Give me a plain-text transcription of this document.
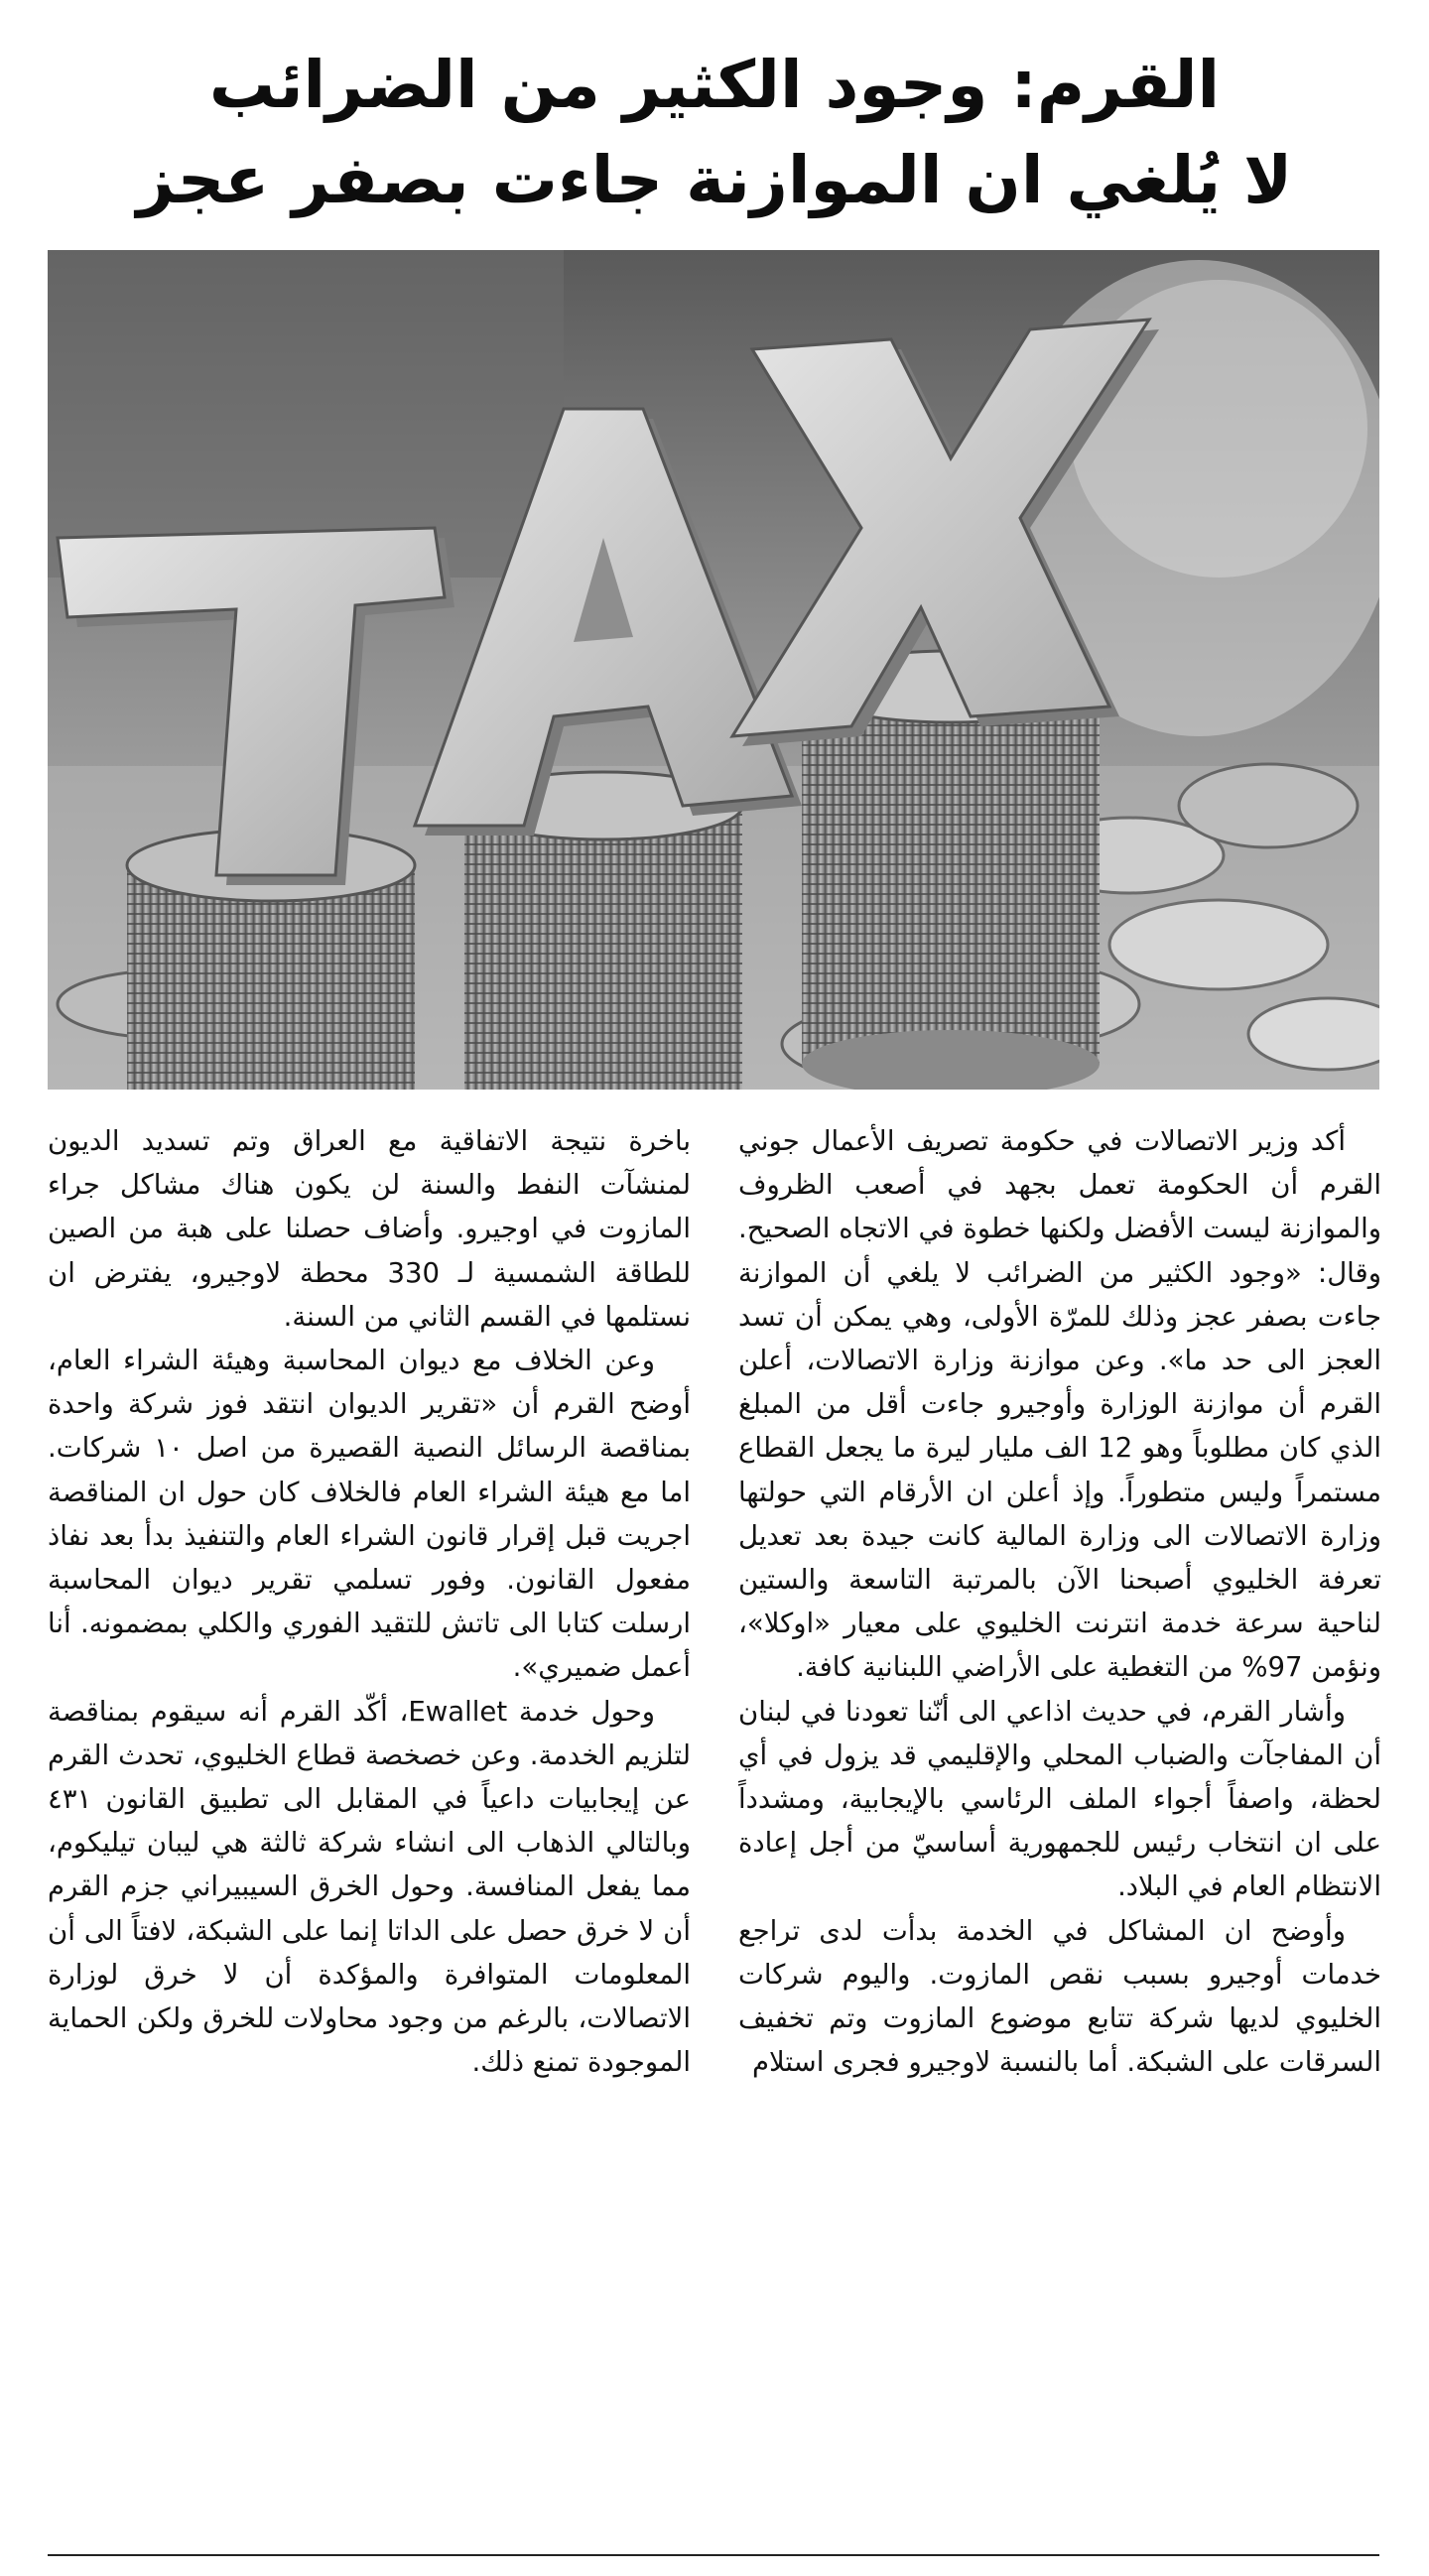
القرم: وجود الكثير من الضرائب
لا يُلغي ان الموازنة جاءت بصفر عجز

أكد وزير الاتصالات في حكومة تصريف الأعمال جوني القرم أن الحكومة تعمل بجهد في أصعب الظروف والموازنة ليست الأفضل ولكنها خطوة في الاتجاه الصحيح. وقال: «وجود الكثير من الضرائب لا يلغي أن الموازنة جاءت بصفر عجز وذلك للمرّة الأولى، وهي يمكن أن تسد العجز الى حد ما». وعن موازنة وزارة الاتصالات، أعلن القرم أن موازنة الوزارة وأوجيرو جاءت أقل من المبلغ الذي كان مطلوباً وهو 12 الف مليار ليرة ما يجعل القطاع مستمراً وليس متطوراً. وإذ أعلن ان الأرقام التي حولتها وزارة الاتصالات الى وزارة المالية كانت جيدة بعد تعديل تعرفة الخليوي أصبحنا الآن بالمرتبة التاسعة والستين لناحية سرعة خدمة انترنت الخليوي على معيار «اوكلا»، ونؤمن 97% من التغطية على الأراضي اللبنانية كافة.

وأشار القرم، في حديث اذاعي الى أنّنا تعودنا في لبنان أن المفاجآت والضباب المحلي والإقليمي قد يزول في أي لحظة، واصفاً أجواء الملف الرئاسي بالإيجابية، ومشدداً على ان انتخاب رئيس للجمهورية أساسيّ من أجل إعادة الانتظام العام في البلاد.

وأوضح ان المشاكل في الخدمة بدأت لدى تراجع خدمات أوجيرو بسبب نقص المازوت. واليوم شركات الخليوي لديها شركة تتابع موضوع المازوت وتم تخفيف السرقات على الشبكة. أما بالنسبة لاوجيرو فجرى استلام

باخرة نتيجة الاتفاقية مع العراق وتم تسديد الديون لمنشآت النفط والسنة لن يكون هناك مشاكل جراء المازوت في اوجيرو. وأضاف حصلنا على هبة من الصين للطاقة الشمسية لـ 330 محطة لاوجيرو، يفترض ان نستلمها في القسم الثاني من السنة.

وعن الخلاف مع ديوان المحاسبة وهيئة الشراء العام، أوضح القرم أن «تقرير الديوان انتقد فوز شركة واحدة بمناقصة الرسائل النصية القصيرة من اصل ١٠ شركات. اما مع هيئة الشراء العام فالخلاف كان حول ان المناقصة اجريت قبل إقرار قانون الشراء العام والتنفيذ بدأ بعد نفاذ مفعول القانون. وفور تسلمي تقرير ديوان المحاسبة ارسلت كتابا الى تاتش للتقيد الفوري والكلي بمضمونه. أنا أعمل ضميري».

وحول خدمة Ewallet، أكّد القرم أنه سيقوم بمناقصة لتلزيم الخدمة. وعن خصخصة قطاع الخليوي، تحدث القرم عن إيجابيات داعياً في المقابل الى تطبيق القانون ٤٣١ وبالتالي الذهاب الى انشاء شركة ثالثة هي ليبان تيليكوم، مما يفعل المنافسة. وحول الخرق السيبيراني جزم القرم أن لا خرق حصل على الداتا إنما على الشبكة، لافتاً الى أن المعلومات المتوافرة والمؤكدة أن لا خرق لوزارة الاتصالات، بالرغم من وجود محاولات للخرق ولكن الحماية الموجودة تمنع ذلك.
